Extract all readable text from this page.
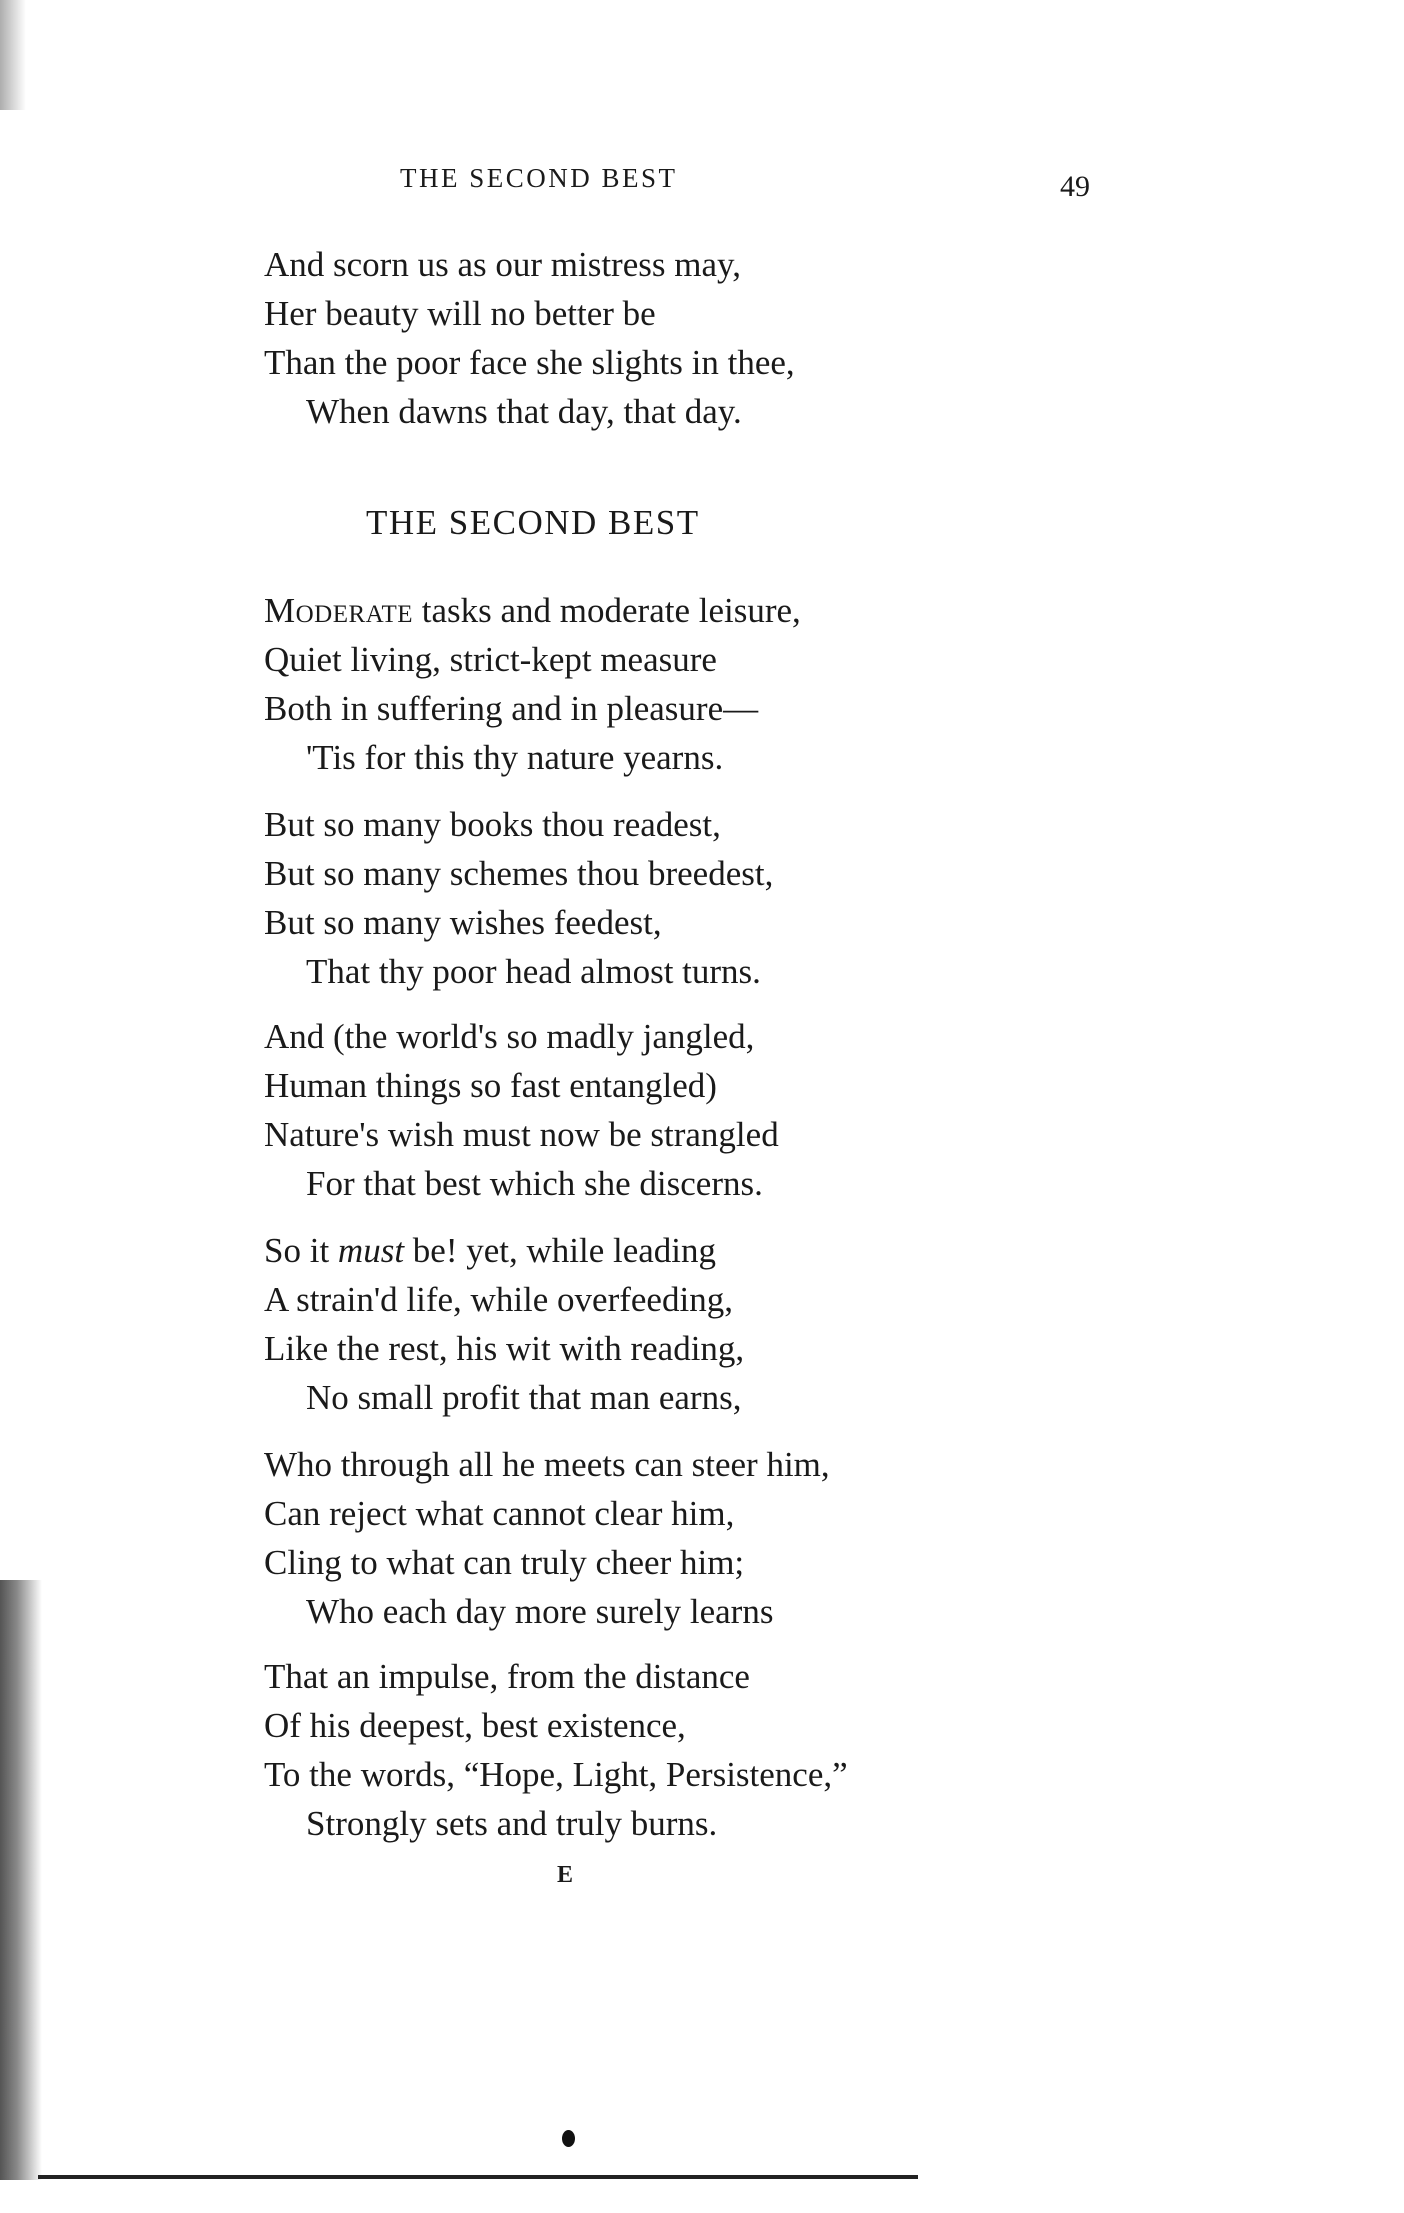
THE SECOND BEST	49
And scorn us as our mistress may,
Her beauty will no better be
Than the poor face she slights in thee,
When dawns that day, that day.
THE SECOND BEST
Moderate tasks and moderate leisure,
Quiet living, strict-kept measure
Both in suffering and in pleasure—
'Tis for this thy nature yearns.
But so many books thou readest,
But so many schemes thou breedest,
But so many wishes feedest,
That thy poor head almost turns.
And (the world's so madly jangled,
Human things so fast entangled)
Nature's wish must now be strangled
For that best which she discerns.
So it must be! yet, while leading
A strain'd life, while overfeeding,
Like the rest, his wit with reading,
No small profit that man earns,
Who through all he meets can steer him,
Can reject what cannot clear him,
Cling to what can truly cheer him;
Who each day more surely learns
That an impulse, from the distance
Of his deepest, best existence,
To the words, “Hope, Light, Persistence,”
Strongly sets and truly burns.
E
